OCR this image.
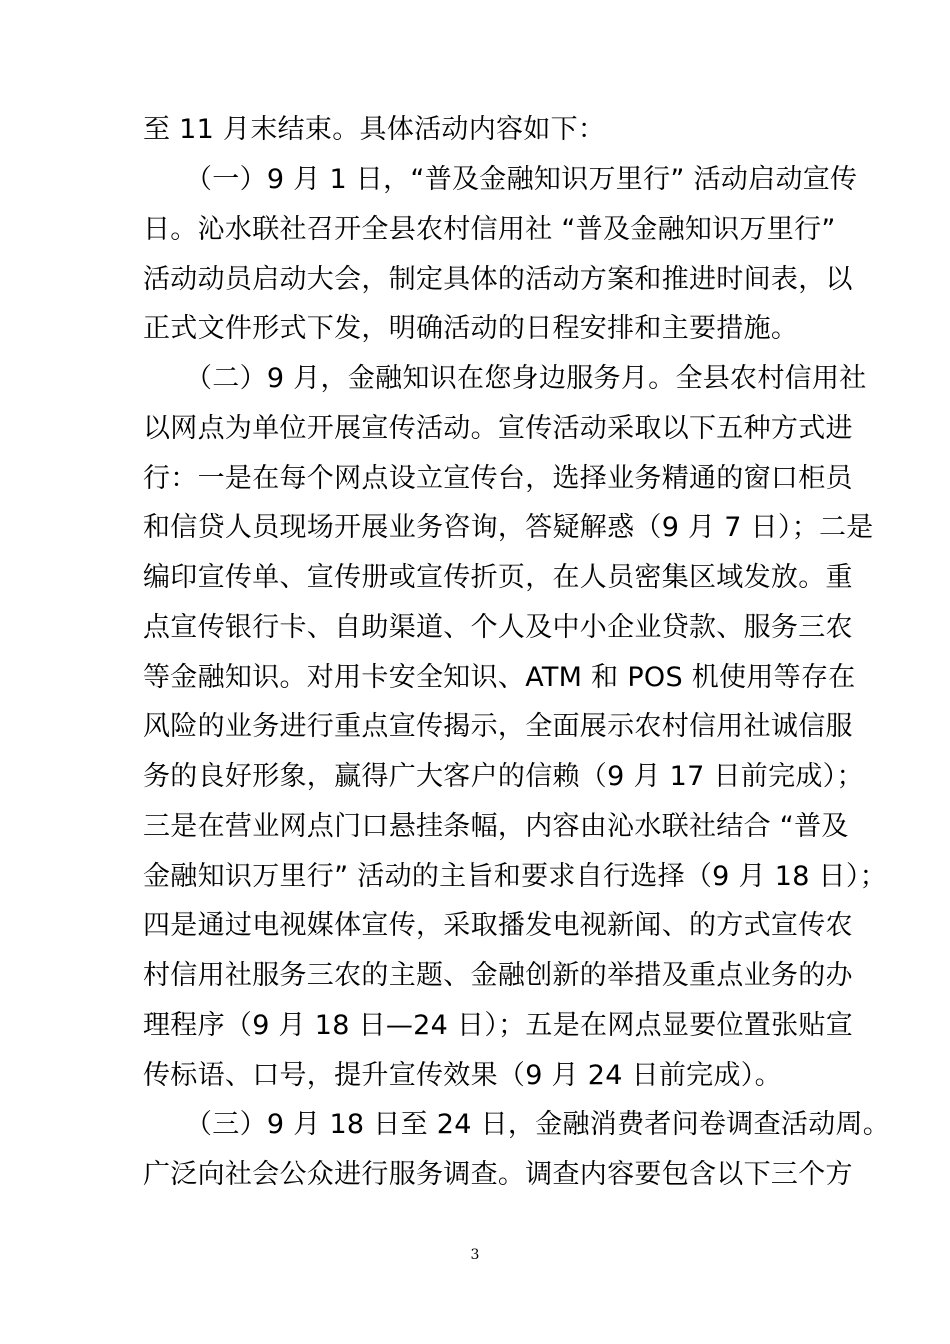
至 11 月末结束。具体活动内容如下：
（一）9 月 1 日，“普及金融知识万里行” 活动启动宣传
日。沁水联社召开全县农村信用社 “普及金融知识万里行”
活动动员启动大会，制定具体的活动方案和推进时间表，以
正式文件形式下发，明确活动的日程安排和主要措施。
（二）9 月，金融知识在您身边服务月。全县农村信用社
以网点为单位开展宣传活动。宣传活动采取以下五种方式进
行：一是在每个网点设立宣传台，选择业务精通的窗口柜员
和信贷人员现场开展业务咨询，答疑解惑（9 月 7 日）；二是
编印宣传单、宣传册或宣传折页，在人员密集区域发放。重
点宣传银行卡、自助渠道、个人及中小企业贷款、服务三农
等金融知识。对用卡安全知识、ATM 和 POS 机使用等存在
风险的业务进行重点宣传揭示，全面展示农村信用社诚信服
务的良好形象，赢得广大客户的信赖（9 月 17 日前完成）；
三是在营业网点门口悬挂条幅，内容由沁水联社结合 “普及
金融知识万里行” 活动的主旨和要求自行选择（9 月 18 日）；
四是通过电视媒体宣传，采取播发电视新闻、的方式宣传农
村信用社服务三农的主题、金融创新的举措及重点业务的办
理程序（9 月 18 日—24 日）；五是在网点显要位置张贴宣
传标语、口号，提升宣传效果（9 月 24 日前完成）。
（三）9 月 18 日至 24 日，金融消费者问卷调查活动周。
广泛向社会公众进行服务调查。调查内容要包含以下三个方
3
